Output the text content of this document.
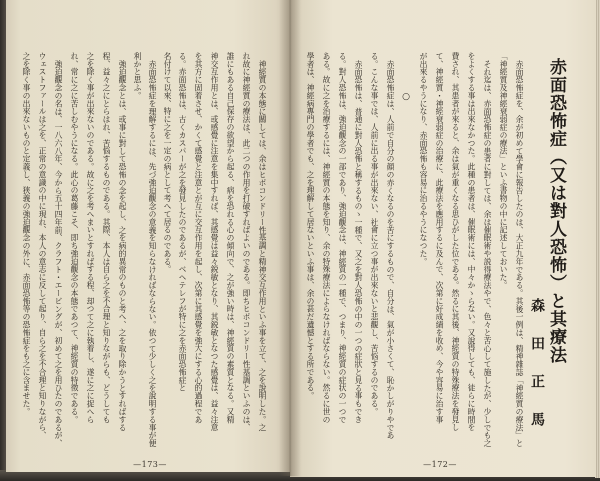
—173—
神經質の本態に關しては、余はヒポコンドリー性基調と精神交互作用といふ事を立て、之を說明した。之
れ故に神經質の療法は、此二つの作用を打破すればよいのである。即ちヒポコンドリー性基調といふのは、
誰にもある自己保存の欲望から起る、病を恐れる心の傾向で、之が強い時は、神經質の素質となる。又精
神交互作用とは、或感覺に注意を集中すれば、其感覺は益々鋭敏となり、其鋭敏となつた感覺は、益々注意
を其方に固着させ、かくて感覺と注意とが互に交互作用を起し、次第に其感覺を強大にする心的過程であ
る。赤面恐怖は、古くカスパーが之を發見したのであるが、ベヘテレフが特に之を赤面恐怖症と
名付けて以來、特に之を一定の病として考へて居るのである。
赤面恐怖症を理解するには、先づ強迫觀念の意義を知らなければならない。依つて少しく之を說明する事が便
利かと思ふ。
強迫觀念とは、或事に對して恐怖の念を起し、之を病的異常のものと考へ、之を取り除かうとすればする
程、益々之にとらはれ、苦悩するものである。其際、本人は自ら之を不合理と知りながらも、どうしても
之を除く事が出來ないのである。故に之を考へまいとすればする程、却つて之に執着し、遂に之に捉へら
れ、常に之に苦しむやうになる。此心の葛藤こそ、即ち強迫觀念の本態であつて、神經質の特徵である。
強迫觀念の名は、一八六八年、今から五十四年前、クラフト・エービングが、初めて之を用ひたのであるが、
ウェストファールは之を、正常の意識の中に現れ、本人の意志に反して起り、自ら之を不合理と知りながら、
之を除く事の出來ないものと定義し、狹義の強迫觀念の外に、赤面恐怖等の恐怖症をも之に含ませた。	赤面恐怖症（又は對人恐怖）と其療法
森田正馬
○
—172—
赤面恐怖症を、余が初めて學會に報告したのは、大正九年である。其後一例は、精神雜誌「神經質の療法」と
「神經質及神經衰弱症の療法」といふ書物の中に記述しておいた。
それ迄は、赤面恐怖症の患者に對しては、余は催眠術や説得療法やで、色々と苦心して施したが、少しでも之
をよくする事は出來なかつた。此種の患者は、催眠術には、中々かゝらない。又說得しても、徒らに時間を
費され、其患者が來ると、余は氣が重くなる思ひがした位である。然るに其後、神經質の特殊療法を發見し
て、神經質・神經衰弱症の治療に、此療法を應用するに及んで、次第に好成績を收め、今や容易に治す事
が出來るやうになり、赤面恐怖も容易に治るやうになつた。
赤面恐怖症は、人前で自分の顔の赤くなるのを苦にするもので、自分は、氣が小さくて、恥かしがりやであ
る。こんな事では、人前に出る事が出來ない、社會に立つ事が出來ないと悲觀し、苦悩するのである。
赤面恐怖は、普通に對人恐怖と稱するものゝ一種で、又之を對人恐怖の中の一つの症狀と見る事もでき
る。對人恐怖は、強迫觀念の一部であり、強迫觀念は、神經質の一種で、つまり、神經質の症状の一つで
ある。故に之を治療するには、神經質の本態を知り、余の特殊療法によらなければならない。然るに世の
學者は、神經病專門の學者でも、之を理解して居ないといふ事は、余の甚だ遺憾とする所である。
